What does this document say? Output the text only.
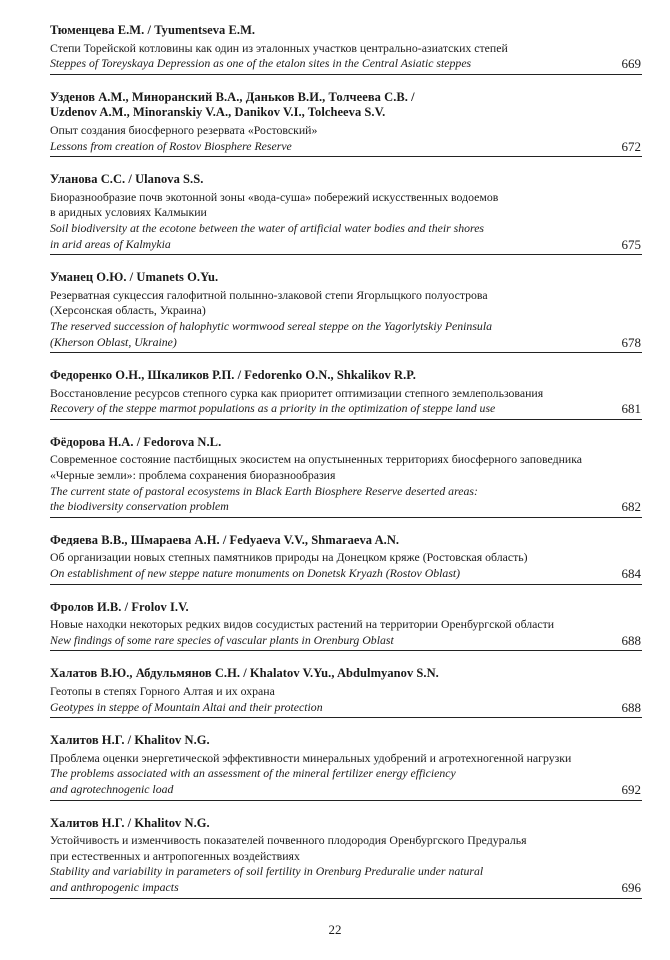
Тюменцева Е.М. / Tyumentseva E.M.
Степи Торейской котловины как один из эталонных участков центрально-азиатских степей
Steppes of Toreyskaya Depression as one of the etalon sites in the Central Asiatic steppes	669
Узденов А.М., Минoранский В.А., Даньков В.И., Толчеева С.В. /
Uzdenov A.M., Minoranskiy V.A., Danikov V.I., Tolcheeva S.V.
Опыт создания биосферного резервата «Ростовский»
Lessons from creation of Rostov Biosphere Reserve	672
Уланова С.С. / Ulanova S.S.
Биоразнообразие почв экотонной зоны «вода-суша» побережий искусственных водоемов
в аридных условиях Калмыкии
Soil biodiversity at the ecotone between the water of artificial water bodies and their shores
in arid areas of Kalmykia	675
Уманец О.Ю. / Umanets O.Yu.
Резерватная сукцессия галофитной полынно-злаковой степи Ягорлыцкого полуострова
(Херсонская область, Украина)
The reserved succession of halophytic wormwood sereal steppe on the Yagorlytskiy Peninsula
(Kherson Oblast, Ukraine)	678
Федоренко О.Н., Шкаликов Р.П. / Fedorenko O.N., Shkalikov R.P.
Восстановление ресурсов степного сурка как приоритет оптимизации степного землепользования
Recovery of the steppe marmot populations as a priority in the optimization of steppe land use	681
Фёдорова Н.А. / Fedorova N.L.
Современное состояние пастбищных экосистем на опустыненных территориях биосферного заповедника
«Черные земли»: проблема сохранения биоразнообразия
The current state of pastoral ecosystems in Black Earth Biosphere Reserve deserted areas:
the biodiversity conservation problem	682
Федяева В.В., Шмараева А.Н. / Fedyaeva V.V., Shmaraeva A.N.
Об организации новых степных памятников природы на Донецком кряже (Ростовская область)
On establishment of new steppe nature monuments on Donetsk Kryazh (Rostov Oblast)	684
Фролов И.В. / Frolov I.V.
Новые находки некоторых редких видов сосудистых растений на территории Оренбургской области
New findings of some rare species of vascular plants in Orenburg Oblast	688
Халатов В.Ю., Абдульмянов С.Н. / Khalatov V.Yu., Abdulmyanov S.N.
Геотопы в степях Горного Алтая и их охрана
Geotypes in steppe of Mountain Altai and their protection	688
Халитов Н.Г. / Khalitov N.G.
Проблема оценки энергетической эффективности минеральных удобрений и агротехногенной нагрузки
The problems associated with an assessment of the mineral fertilizer energy efficiency
and agrotechnogenic load	692
Халитов Н.Г. / Khalitov N.G.
Устойчивость и изменчивость показателей почвенного плодородия Оренбургского Предуралья
при естественных и антропогенных воздействиях
Stability and variability in parameters of soil fertility in Orenburg Preduralie under natural
and anthropogenic impacts	696
22
